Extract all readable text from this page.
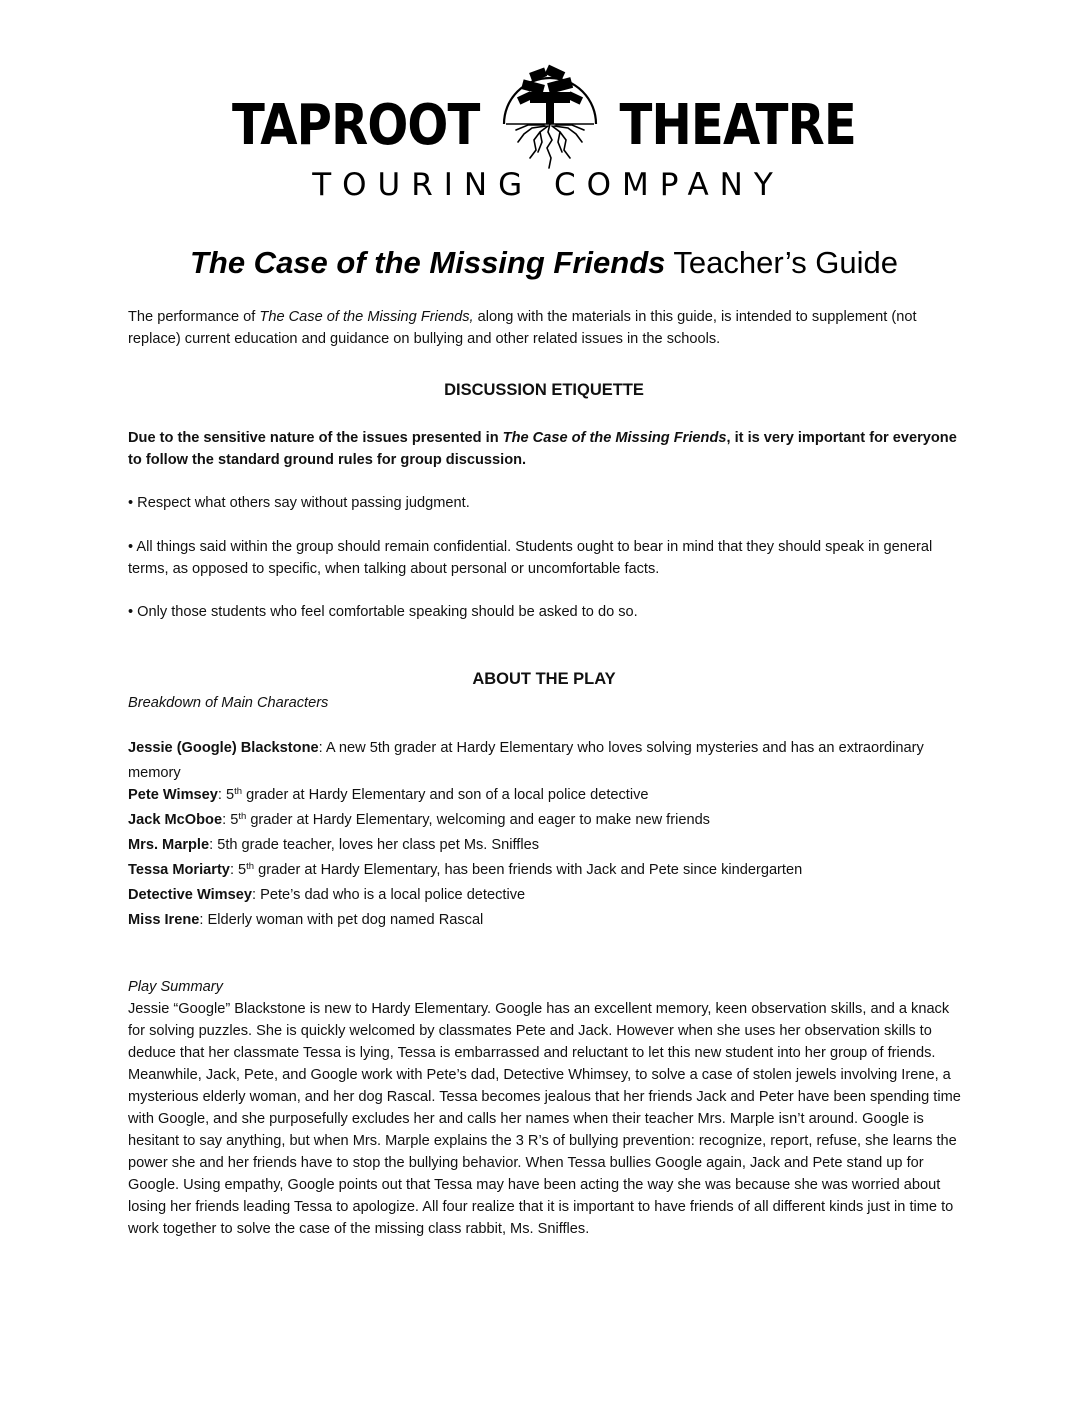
TAPROOT	THEATRE
TOURING COMPANY
The Case of the Missing Friends Teacher’s Guide

The performance of The Case of the Missing Friends, along with the materials in this guide, is intended to supplement (not replace) current education and guidance on bullying and other related issues in the schools.

DISCUSSION ETIQUETTE

Due to the sensitive nature of the issues presented in The Case of the Missing Friends, it is very important for everyone to follow the standard ground rules for group discussion.

• Respect what others say without passing judgment.

• All things said within the group should remain confidential. Students ought to bear in mind that they should speak in general terms, as opposed to specific, when talking about personal or uncomfortable facts.

• Only those students who feel comfortable speaking should be asked to do so.

ABOUT THE PLAY

Breakdown of Main Characters

Jessie (Google) Blackstone: A new 5th grader at Hardy Elementary who loves solving mysteries and has an extraordinary memory
Pete Wimsey: 5th grader at Hardy Elementary and son of a local police detective
Jack McOboe: 5th grader at Hardy Elementary, welcoming and eager to make new friends
Mrs. Marple: 5th grade teacher, loves her class pet Ms. Sniffles
Tessa Moriarty: 5th grader at Hardy Elementary, has been friends with Jack and Pete since kindergarten
Detective Wimsey: Pete’s dad who is a local police detective
Miss Irene: Elderly woman with pet dog named Rascal

Play Summary

Jessie “Google” Blackstone is new to Hardy Elementary. Google has an excellent memory, keen observation skills, and a knack for solving puzzles. She is quickly welcomed by classmates Pete and Jack. However when she uses her observation skills to deduce that her classmate Tessa is lying, Tessa is embarrassed and reluctant to let this new student into her group of friends. Meanwhile, Jack, Pete, and Google work with Pete’s dad, Detective Whimsey, to solve a case of stolen jewels involving Irene, a mysterious elderly woman, and her dog Rascal. Tessa becomes jealous that her friends Jack and Peter have been spending time with Google, and she purposefully excludes her and calls her names when their teacher Mrs. Marple isn’t around. Google is hesitant to say anything, but when Mrs. Marple explains the 3 R’s of bullying prevention: recognize, report, refuse, she learns the power she and her friends have to stop the bullying behavior. When Tessa bullies Google again, Jack and Pete stand up for Google. Using empathy, Google points out that Tessa may have been acting the way she was because she was worried about losing her friends leading Tessa to apologize. All four realize that it is important to have friends of all different kinds just in time to work together to solve the case of the missing class rabbit, Ms. Sniffles.
